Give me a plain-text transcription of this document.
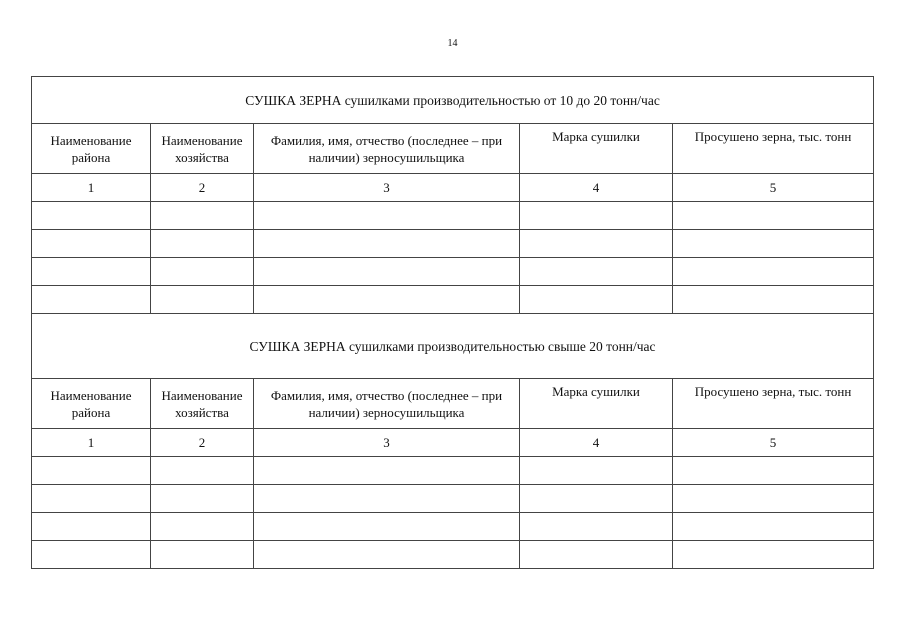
14
СУШКА ЗЕРНА сушилками производительностью от 10 до 20 тонн/час				
Наименование района	Наименование хозяйства	Фамилия, имя, отчество (последнее – при наличии) зерносушильщика	Марка сушилки	Просушено зерна, тыс. тонн
1	2	3	4	5

СУШКА ЗЕРНА сушилками производительностью свыше 20 тонн/час				
Наименование района	Наименование хозяйства	Фамилия, имя, отчество (последнее – при наличии) зерносушильщика	Марка сушилки	Просушено зерна, тыс. тонн
1	2	3	4	5
